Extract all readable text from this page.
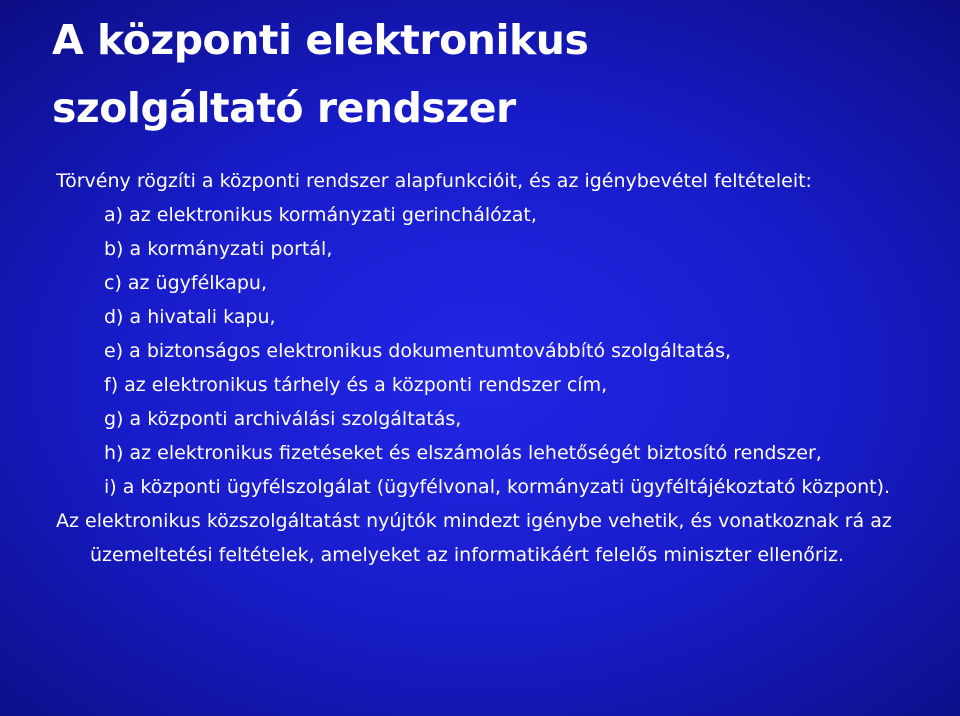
A központi elektronikus
szolgáltató rendszer

Törvény rögzíti a központi rendszer alapfunkcióit, és az igénybevétel feltételeit:

a) az elektronikus kormányzati gerinchálózat,

b) a kormányzati portál,

c) az ügyfélkapu,

d) a hivatali kapu,

e) a biztonságos elektronikus dokumentumtovábbító szolgáltatás,

f) az elektronikus tárhely és a központi rendszer cím,

g) a központi archiválási szolgáltatás,

h) az elektronikus fizetéseket és elszámolás lehetőségét biztosító rendszer,

i) a központi ügyfélszolgálat (ügyfélvonal, kormányzati ügyféltájékoztató központ).

Az elektronikus közszolgáltatást nyújtók mindezt igénybe vehetik, és vonatkoznak rá az üzemeltetési feltételek, amelyeket az informatikáért felelős miniszter ellenőriz.
